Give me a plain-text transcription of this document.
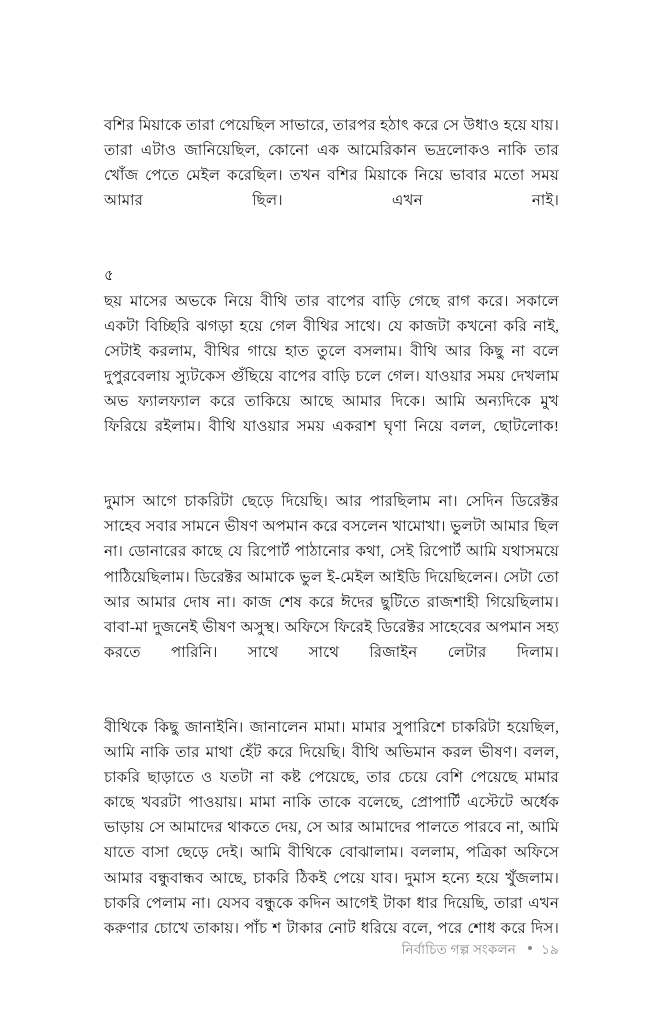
বশির মিয়াকে তারা পেয়েছিল সাভারে, তারপর হঠাৎ করে সে উধাও হয়ে যায়। তারা এটাও জানিয়েছিল, কোনো এক আমেরিকান ভদ্রলোকও নাকি তার খোঁজ পেতে মেইল করেছিল। তখন বশির মিয়াকে নিয়ে ভাবার মতো সময় আমার ছিল। এখন নাই।

৫

ছয় মাসের অভকে নিয়ে বীথি তার বাপের বাড়ি গেছে রাগ করে। সকালে একটা বিচ্ছিরি ঝগড়া হয়ে গেল বীথির সাথে। যে কাজটা কখনো করি নাই, সেটাই করলাম, বীথির গায়ে হাত তুলে বসলাম। বীথি আর কিছু না বলে দুপুরবেলায় স্যুটকেস গুঁছিয়ে বাপের বাড়ি চলে গেল। যাওয়ার সময় দেখলাম অভ ফ্যালফ্যাল করে তাকিয়ে আছে আমার দিকে। আমি অন্যদিকে মুখ ফিরিয়ে রইলাম। বীথি যাওয়ার সময় একরাশ ঘৃণা নিয়ে বলল, ছোটলোক!

দুমাস আগে চাকরিটা ছেড়ে দিয়েছি। আর পারছিলাম না। সেদিন ডিরেক্টর সাহেব সবার সামনে ভীষণ অপমান করে বসলেন খামোখা। ভুলটা আমার ছিল না। ডোনারের কাছে যে রিপোর্ট পাঠানোর কথা, সেই রিপোর্ট আমি যথাসময়ে পাঠিয়েছিলাম। ডিরেক্টর আমাকে ভুল ই-মেইল আইডি দিয়েছিলেন। সেটা তো আর আমার দোষ না। কাজ শেষ করে ঈদের ছুটিতে রাজশাহী গিয়েছিলাম। বাবা-মা দুজনেই ভীষণ অসুস্থ। অফিসে ফিরেই ডিরেক্টর সাহেবের অপমান সহ্য করতে পারিনি। সাথে সাথে রিজাইন লেটার দিলাম।

বীথিকে কিছু জানাইনি। জানালেন মামা। মামার সুপারিশে চাকরিটা হয়েছিল, আমি নাকি তার মাথা হেঁট করে দিয়েছি। বীথি অভিমান করল ভীষণ। বলল, চাকরি ছাড়াতে ও যতটা না কষ্ট পেয়েছে, তার চেয়ে বেশি পেয়েছে মামার কাছে খবরটা পাওয়ায়। মামা নাকি তাকে বলেছে, প্রোপার্টি এস্টেটে অর্ধেক ভাড়ায় সে আমাদের থাকতে দেয়, সে আর আমাদের পালতে পারবে না, আমি যাতে বাসা ছেড়ে দেই। আমি বীথিকে বোঝালাম। বললাম, পত্রিকা অফিসে আমার বন্ধুবান্ধব আছে, চাকরি ঠিকই পেয়ে যাব। দুমাস হন্যে হয়ে খুঁজলাম। চাকরি পেলাম না। যেসব বন্ধুকে কদিন আগেই টাকা ধার দিয়েছি, তারা এখন করুণার চোখে তাকায়। পাঁচ শ টাকার নোট ধরিয়ে বলে, পরে শোধ করে দিস।

নির্বাচিত গল্প সংকলন ১৯
